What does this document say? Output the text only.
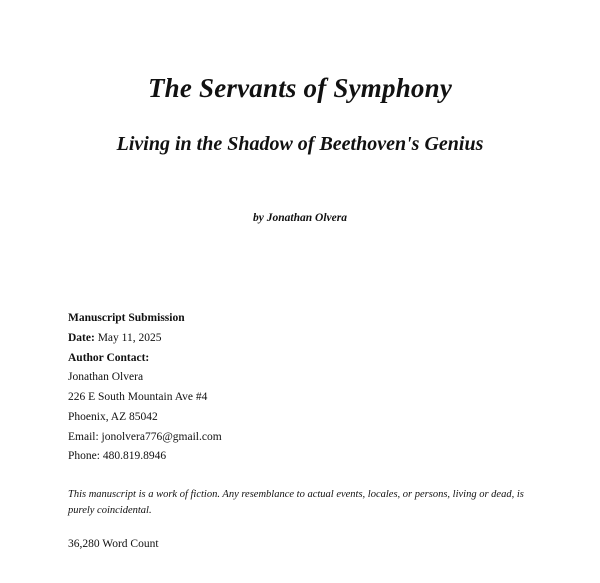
The Servants of Symphony
Living in the Shadow of Beethoven's Genius

by Jonathan Olvera

Manuscript Submission
Date: May 11, 2025
Author Contact:
Jonathan Olvera
226 E South Mountain Ave #4
Phoenix, AZ 85042
Email: jonolvera776@gmail.com
Phone: 480.819.8946
This manuscript is a work of fiction. Any resemblance to actual events, locales, or persons, living or dead, is purely coincidental.
36,280 Word Count
